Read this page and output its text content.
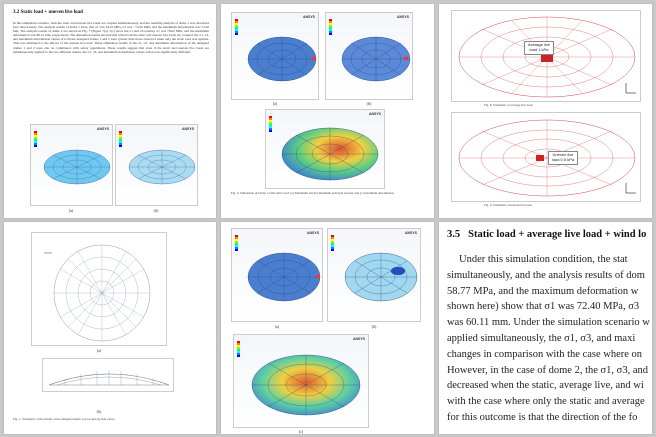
3.2 Static load + uneven live load
In this simulation scenario, both the static and uneven live loads are coupled simultaneously, and the resulting analysis of dome 1 was described (see shown here). The analysis results of dome 1 show that σ1 was 54.21 MPa, σ3 was −74.26 MPa, and the maximum deformation was 72.62 mm. The analysis results of dome 2 are shown in Fig. 7 (Figure 7(a)–7(c) show the σ1 and σ3 results). σ1 was 78.62 MPa, and the maximum deformation was 89.21 mm, respectively. The simulation results showed that when both the static and uneven live loads are coupled, the σ1, σ3, and maximum deformation values of both the designed domes 1 and 2 were greater than those observed when only the static load was applied. This was attributed to the impact of the uneven live load. These simulation results of the σ1, σ3, and maximum deformation of the designed domes 1 and 2 were also in compliance with safety regulations. These results suggest that even if the static and uneven live loads are simultaneously applied to the two different domes, the σ1, σ3, and maximum deformation values will not be significantly different.
ANSYS	ANSYS
(a)	(b)
ANSYS	ANSYS
(a)	(b)
ANSYS
Fig. 6. Simulation of Dome 2 with static load: (a) Maximum and (b) minimum principal stresses and (c) maximum deformation.
Average live load 1 kPa
Fig. 8. Schematic of average live load.
Uneven live load 0.5 kPa
Fig. 9. Schematic of uneven live load.
(a)
(b)
Fig. 1. Schematic of the model of the designed dome: (a) top and (b) side views.
ANSYS	ANSYS
(a)	(b)
ANSYS
(c)
3.5 Static load + average live load + wind lo

Under this simulation condition, the stat

simultaneously, and the analysis results of dom

58.77 MPa, and the maximum deformation w

shown here) show that σ1 was 72.40 MPa, σ3

was 60.11 mm. Under the simulation scenario w

applied simultaneously, the σ1, σ3, and maxi

changes in comparison with the case where on

However, in the case of dome 2, the σ1, σ3, and

decreased when the static, average live, and wi

with the case where only the static and average

for this outcome is that the direction of the fo
